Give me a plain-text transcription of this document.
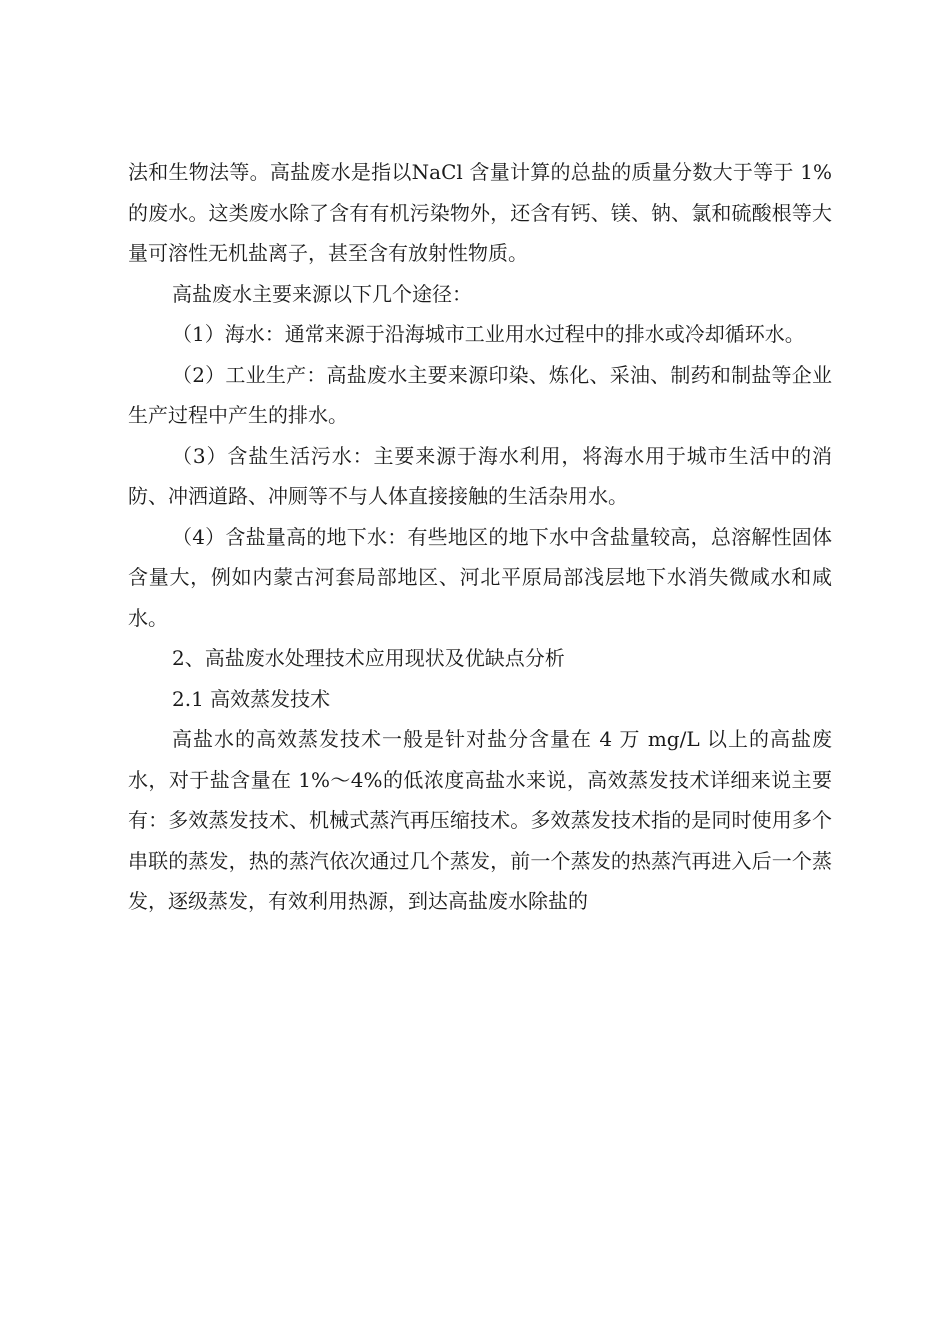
法和生物法等。高盐废水是指以NaCl 含量计算的总盐的质量分数大于等于 1%的废水。这类废水除了含有有机污染物外，还含有钙、镁、钠、氯和硫酸根等大量可溶性无机盐离子，甚至含有放射性物质。

高盐废水主要来源以下几个途径：

（1）海水：通常来源于沿海城市工业用水过程中的排水或冷却循环水。

（2）工业生产：高盐废水主要来源印染、炼化、采油、制药和制盐等企业生产过程中产生的排水。

（3）含盐生活污水：主要来源于海水利用，将海水用于城市生活中的消防、冲洒道路、冲厕等不与人体直接接触的生活杂用水。

（4）含盐量高的地下水：有些地区的地下水中含盐量较高，总溶解性固体含量大，例如内蒙古河套局部地区、河北平原局部浅层地下水消失微咸水和咸水。

2、高盐废水处理技术应用现状及优缺点分析

2.1 高效蒸发技术

高盐水的高效蒸发技术一般是针对盐分含量在 4 万 mg/L 以上的高盐废水，对于盐含量在 1%～4%的低浓度高盐水来说，高效蒸发技术详细来说主要有：多效蒸发技术、机械式蒸汽再压缩技术。多效蒸发技术指的是同时使用多个串联的蒸发，热的蒸汽依次通过几个蒸发，前一个蒸发的热蒸汽再进入后一个蒸发，逐级蒸发，有效利用热源，到达高盐废水除盐的
